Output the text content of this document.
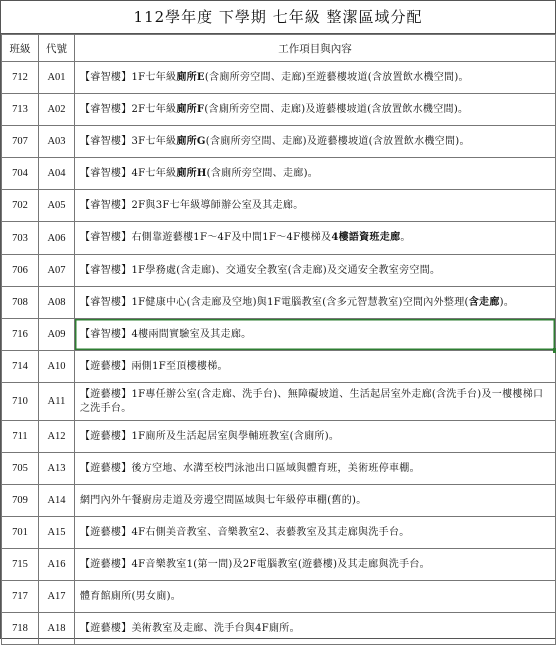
112學年度 下學期 七年級 整潔區域分配
班級	代號	工作項目與內容
712	A01	【睿智樓】1F七年級廁所E(含廁所旁空間、走廊)至遊藝樓坡道(含放置飲水機空間)。
713	A02	【睿智樓】2F七年級廁所F(含廁所旁空間、走廊)及遊藝樓坡道(含放置飲水機空間)。
707	A03	【睿智樓】3F七年級廁所G(含廁所旁空間、走廊)及遊藝樓坡道(含放置飲水機空間)。
704	A04	【睿智樓】4F七年級廁所H(含廁所旁空間、走廊)。
702	A05	【睿智樓】2F與3F七年級導師辦公室及其走廊。
703	A06	【睿智樓】右側靠遊藝樓1F～4F及中間1F～4F樓梯及4樓語資班走廊。
706	A07	【睿智樓】1F學務處(含走廊)、交通安全教室(含走廊)及交通安全教室旁空間。
708	A08	【睿智樓】1F健康中心(含走廊及空地)與1F電腦教室(含多元智慧教室)空間內外整理(含走廊)。
716	A09	【睿智樓】4樓兩間實驗室及其走廊。

714	A10	【遊藝樓】兩側1F至頂樓樓梯。
710	A11	【遊藝樓】1F專任辦公室(含走廊、洗手台)、無障礙坡道、生活起居室外走廊(含洗手台)及一樓樓梯口之洗手台。
711	A12	【遊藝樓】1F廁所及生活起居室與學輔班教室(含廁所)。
705	A13	【遊藝樓】後方空地、水溝至校門泳池出口區域與體育班，美術班停車棚。
709	A14	網門內外午餐廚房走道及旁邊空間區域與七年級停車棚(舊的)。
701	A15	【遊藝樓】4F右側美音教室、音樂教室2、表藝教室及其走廊與洗手台。
715	A16	【遊藝樓】4F音樂教室1(第一間)及2F電腦教室(遊藝樓)及其走廊與洗手台。
717	A17	體育館廁所(男女廁)。
718	A18	【遊藝樓】美術教室及走廊、洗手台與4F廁所。
